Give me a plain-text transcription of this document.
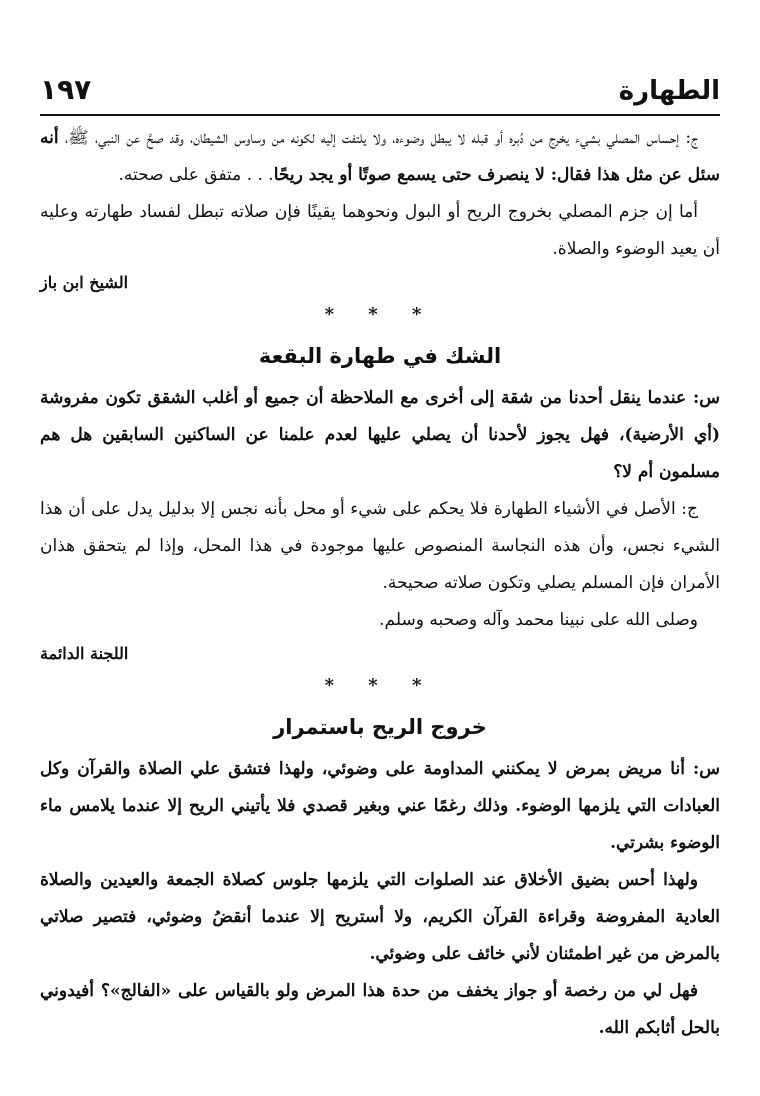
١٩٧	الطهارة

ج: إحساس المصلي بشيء يخرج من دُبره أو قبله لا يبطل وضوءه، ولا يلتفت إليه لكونه من وساوس الشيطان، وقد صحَّ عن النبي، ﷺ، أنه سئل عن مثل هذا فقال: لا ينصرف حتى يسمع صوتًا أو يجد ريحًا. . . متفق على صحته.

أما إن جزم المصلي بخروج الريح أو البول ونحوهما يقينًا فإن صلاته تبطل لفساد طهارته وعليه أن يعيد الوضوء والصلاة.

الشيخ ابن باز
* * *
الشك في طهارة البقعة

س: عندما ينقل أحدنا من شقة إلى أخرى مع الملاحظة أن جميع أو أغلب الشقق تكون مفروشة (أي الأرضية)، فهل يجوز لأحدنا أن يصلي عليها لعدم علمنا عن الساكنين السابقين هل هم مسلمون أم لا؟

ج: الأصل في الأشياء الطهارة فلا يحكم على شيء أو محل بأنه نجس إلا بدليل يدل على أن هذا الشيء نجس، وأن هذه النجاسة المنصوص عليها موجودة في هذا المحل، وإذا لم يتحقق هذان الأمران فإن المسلم يصلي وتكون صلاته صحيحة.

وصلى الله على نبينا محمد وآله وصحبه وسلم.

اللجنة الدائمة
* * *
خروج الريح باستمرار

س: أنا مريض بمرض لا يمكنني المداومة على وضوئي، ولهذا فتشق علي الصلاة والقرآن وكل العبادات التي يلزمها الوضوء. وذلك رغمًا عني وبغير قصدي فلا يأتيني الريح إلا عندما يلامس ماء الوضوء بشرتي.

ولهذا أحس بضيق الأخلاق عند الصلوات التي يلزمها جلوس كصلاة الجمعة والعيدين والصلاة العادية المفروضة وقراءة القرآن الكريم، ولا أستريح إلا عندما أنقضُ وضوئي، فتصير صلاتي بالمرض من غير اطمئنان لأني خائف على وضوئي.

فهل لي من رخصة أو جواز يخفف من حدة هذا المرض ولو بالقياس على «الفالج»؟ أفيدوني بالحل أثابكم الله.
